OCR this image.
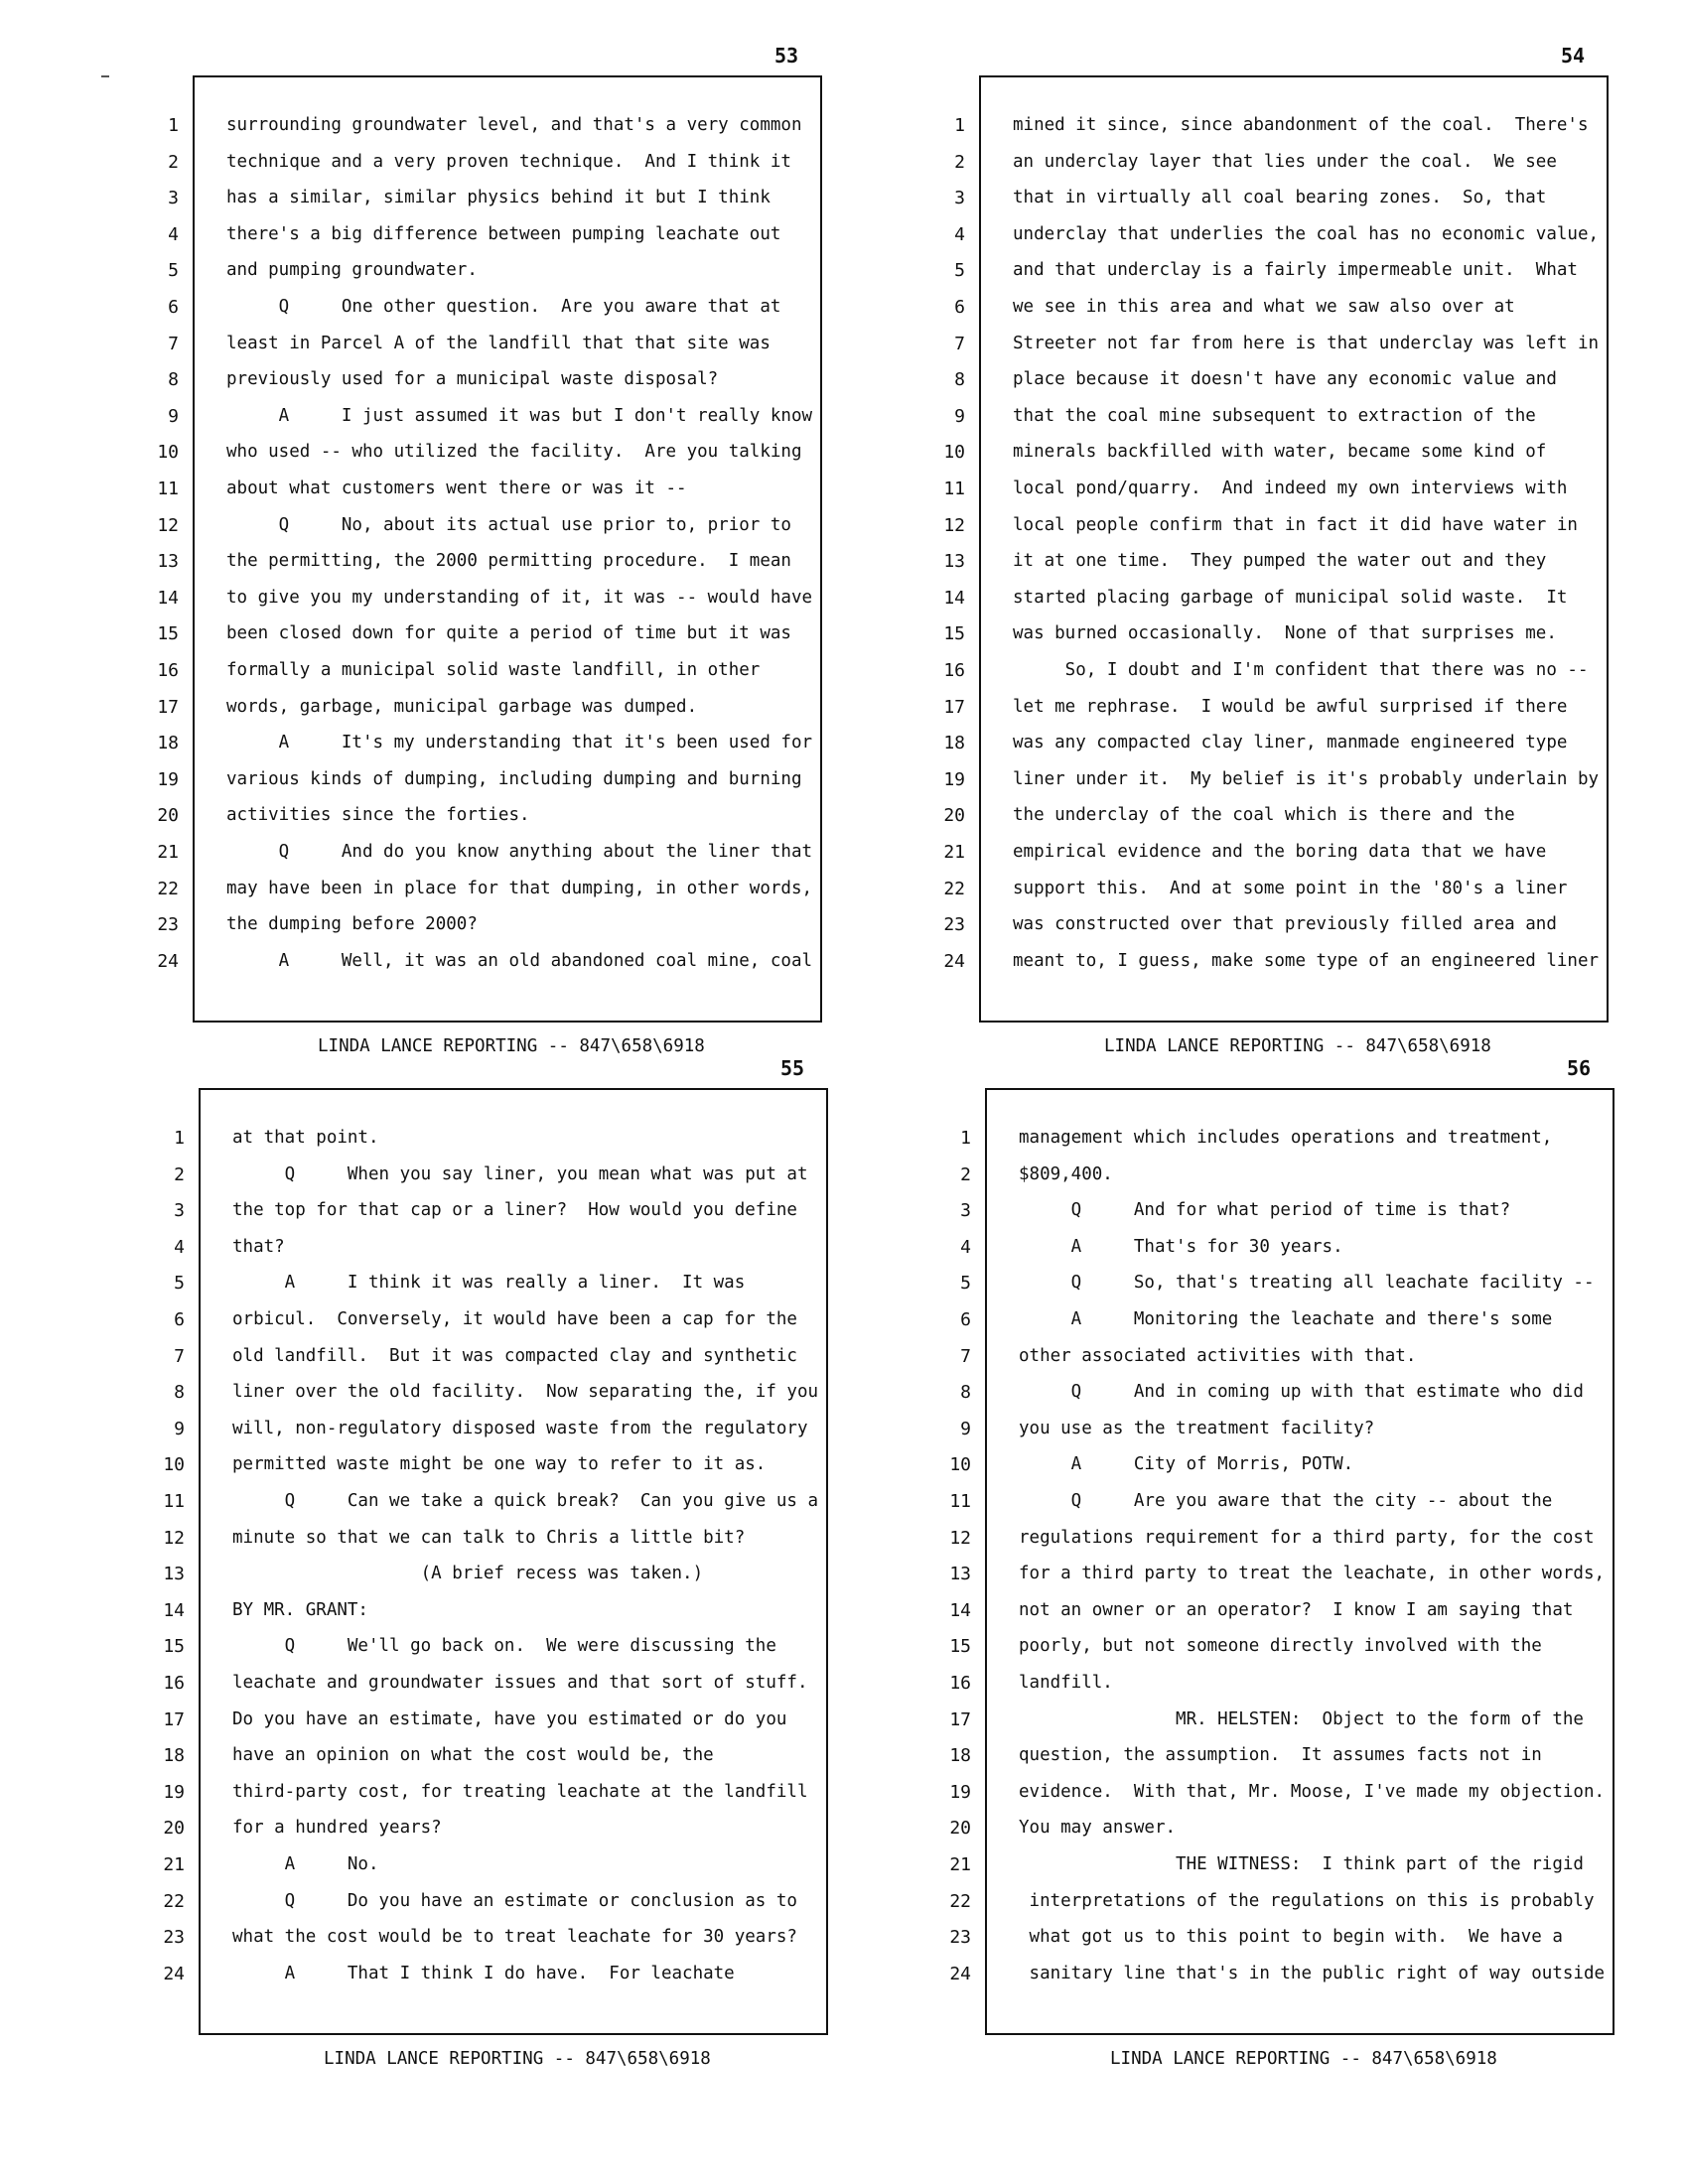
53
1	surrounding groundwater level, and that's a very common
2	technique and a very proven technique.  And I think it
3	has a similar, similar physics behind it but I think
4	there's a big difference between pumping leachate out
5	and pumping groundwater.
6	Q     One other question.  Are you aware that at
7	least in Parcel A of the landfill that that site was
8	previously used for a municipal waste disposal?
9	A     I just assumed it was but I don't really know
10	who used -- who utilized the facility.  Are you talking
11	about what customers went there or was it --
12	Q     No, about its actual use prior to, prior to
13	the permitting, the 2000 permitting procedure.  I mean
14	to give you my understanding of it, it was -- would have
15	been closed down for quite a period of time but it was
16	formally a municipal solid waste landfill, in other
17	words, garbage, municipal garbage was dumped.
18	A     It's my understanding that it's been used for
19	various kinds of dumping, including dumping and burning
20	activities since the forties.
21	Q     And do you know anything about the liner that
22	may have been in place for that dumping, in other words,
23	the dumping before 2000?
24	A     Well, it was an old abandoned coal mine, coal
LINDA LANCE REPORTING -- 847\658\6918
54
1	mined it since, since abandonment of the coal.  There's
2	an underclay layer that lies under the coal.  We see
3	that in virtually all coal bearing zones.  So, that
4	underclay that underlies the coal has no economic value,
5	and that underclay is a fairly impermeable unit.  What
6	we see in this area and what we saw also over at
7	Streeter not far from here is that underclay was left in
8	place because it doesn't have any economic value and
9	that the coal mine subsequent to extraction of the
10	minerals backfilled with water, became some kind of
11	local pond/quarry.  And indeed my own interviews with
12	local people confirm that in fact it did have water in
13	it at one time.  They pumped the water out and they
14	started placing garbage of municipal solid waste.  It
15	was burned occasionally.  None of that surprises me.
16	So, I doubt and I'm confident that there was no --
17	let me rephrase.  I would be awful surprised if there
18	was any compacted clay liner, manmade engineered type
19	liner under it.  My belief is it's probably underlain by
20	the underclay of the coal which is there and the
21	empirical evidence and the boring data that we have
22	support this.  And at some point in the '80's a liner
23	was constructed over that previously filled area and
24	meant to, I guess, make some type of an engineered liner
LINDA LANCE REPORTING -- 847\658\6918
55
1	at that point.
2	Q     When you say liner, you mean what was put at
3	the top for that cap or a liner?  How would you define
4	that?
5	A     I think it was really a liner.  It was
6	orbicul.  Conversely, it would have been a cap for the
7	old landfill.  But it was compacted clay and synthetic
8	liner over the old facility.  Now separating the, if you
9	will, non-regulatory disposed waste from the regulatory
10	permitted waste might be one way to refer to it as.
11	Q     Can we take a quick break?  Can you give us a
12	minute so that we can talk to Chris a little bit?
13	(A brief recess was taken.)
14	BY MR. GRANT:
15	Q     We'll go back on.  We were discussing the
16	leachate and groundwater issues and that sort of stuff.
17	Do you have an estimate, have you estimated or do you
18	have an opinion on what the cost would be, the
19	third-party cost, for treating leachate at the landfill
20	for a hundred years?
21	A     No.
22	Q     Do you have an estimate or conclusion as to
23	what the cost would be to treat leachate for 30 years?
24	A     That I think I do have.  For leachate
LINDA LANCE REPORTING -- 847\658\6918
56
1	management which includes operations and treatment,
2	$809,400.
3	Q     And for what period of time is that?
4	A     That's for 30 years.
5	Q     So, that's treating all leachate facility --
6	A     Monitoring the leachate and there's some
7	other associated activities with that.
8	Q     And in coming up with that estimate who did
9	you use as the treatment facility?
10	A     City of Morris, POTW.
11	Q     Are you aware that the city -- about the
12	regulations requirement for a third party, for the cost
13	for a third party to treat the leachate, in other words,
14	not an owner or an operator?  I know I am saying that
15	poorly, but not someone directly involved with the
16	landfill.
17	MR. HELSTEN:  Object to the form of the
18	question, the assumption.  It assumes facts not in
19	evidence.  With that, Mr. Moose, I've made my objection.
20	You may answer.
21	THE WITNESS:  I think part of the rigid
22	interpretations of the regulations on this is probably
23	what got us to this point to begin with.  We have a
24	sanitary line that's in the public right of way outside
LINDA LANCE REPORTING -- 847\658\6918
